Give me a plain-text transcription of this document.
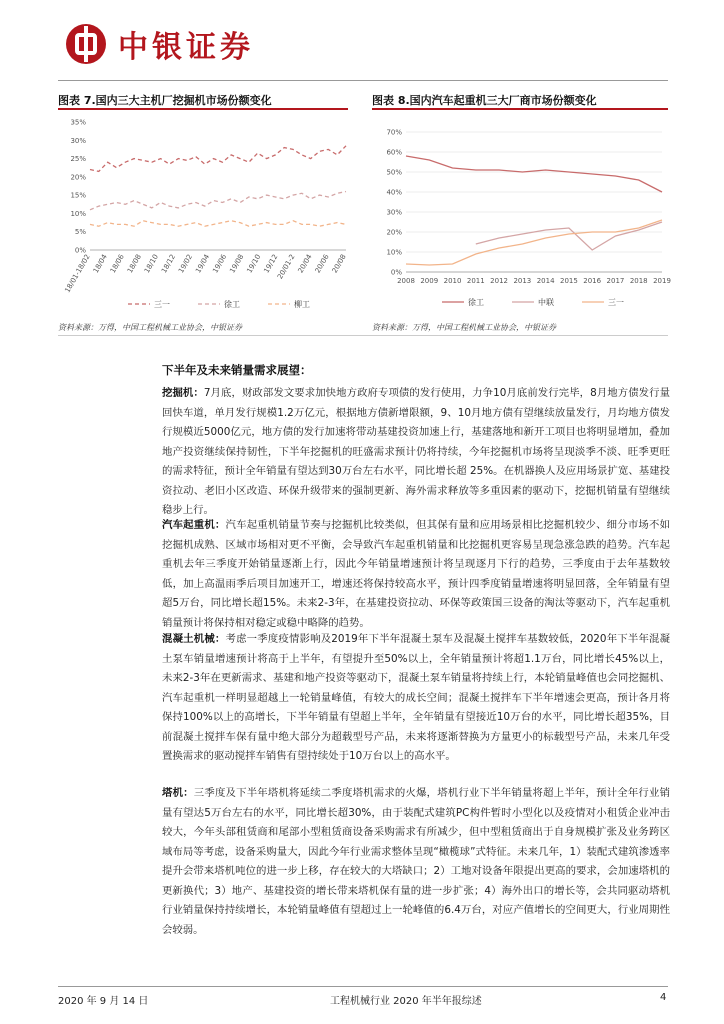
中银证券
图表 7.国内三大主机厂挖掘机市场份额变化	图表 8.国内汽车起重机三大厂商市场份额变化
0%
5%
10%
15%
20%
25%
30%
35%
18/01-18/02 18/04 18/06 18/08 18/10 18/12 19/02 19/04 19/06 19/08 19/10 19/12
20/01-2 20/04 20/06 20/08
三一	徐工	柳工
0%
10%
20%
30%
40%
50%
60%
70%
2008 2009 2010 2011 2012 2013 2014 2015 2016 2017 2018 2019
徐工	中联	三一
资料来源：万得，中国工程机械工业协会，中银证券	资料来源：万得，中国工程机械工业协会，中银证券
下半年及未来销量需求展望：

挖掘机：7月底，财政部发文要求加快地方政府专项债的发行使用，力争10月底前发行完毕，8月地方债发行量回快车道，单月发行规模1.2万亿元，根据地方债新增限额，9、10月地方债有望继续放量发行，月均地方债发行规模近5000亿元，地方债的发行加速将带动基建投资加速上行，基建落地和新开工项目也将明显增加，叠加地产投资继续保持韧性，下半年挖掘机的旺盛需求预计仍将持续，今年挖掘机市场将呈现淡季不淡、旺季更旺的需求特征，预计全年销量有望达到30万台左右水平，同比增长超 25%。在机器换人及应用场景扩宽、基建投资拉动、老旧小区改造、环保升级带来的强制更新、海外需求释放等多重因素的驱动下，挖掘机销量有望继续稳步上行。

汽车起重机：汽车起重机销量节奏与挖掘机比较类似，但其保有量和应用场景相比挖掘机较少、细分市场不如挖掘机成熟、区域市场相对更不平衡，会导致汽车起重机销量和比挖掘机更容易呈现急涨急跌的趋势。汽车起重机去年三季度开始销量逐渐上行，因此今年销量增速预计将呈现逐月下行的趋势，三季度由于去年基数较低，加上高温雨季后项目加速开工，增速还将保持较高水平，预计四季度销量增速将明显回落，全年销量有望超5万台，同比增长超15%。未来2-3年，在基建投资拉动、环保等政策国三设备的淘汰等驱动下，汽车起重机销量预计将保持相对稳定或稳中略降的趋势。

混凝土机械：考虑一季度疫情影响及2019年下半年混凝土泵车及混凝土搅拌车基数较低，2020年下半年混凝土泵车销量增速预计将高于上半年，有望提升至50%以上，全年销量预计将超1.1万台，同比增长45%以上，未来2-3年在更新需求、基建和地产投资等驱动下，混凝土泵车销量将持续上行，本轮销量峰值也会同挖掘机、汽车起重机一样明显超越上一轮销量峰值，有较大的成长空间；混凝土搅拌车下半年增速会更高，预计各月将保持100%以上的高增长，下半年销量有望超上半年，全年销量有望接近10万台的水平，同比增长超35%，目前混凝土搅拌车保有量中绝大部分为超载型号产品，未来将逐渐替换为方量更小的标载型号产品，未来几年受置换需求的驱动搅拌车销售有望持续处于10万台以上的高水平。

塔机：三季度及下半年塔机将延续二季度塔机需求的火爆，塔机行业下半年销量将超上半年，预计全年行业销量有望达5万台左右的水平，同比增长超30%，由于装配式建筑PC构件暂时小型化以及疫情对小租赁企业冲击较大，今年头部租赁商和尾部小型租赁商设备采购需求有所减少，但中型租赁商出于自身规模扩张及业务跨区域布局等考虑，设备采购量大，因此今年行业需求整体呈现“橄榄球”式特征。未来几年，1）装配式建筑渗透率提升会带来塔机吨位的进一步上移，存在较大的大塔缺口；2）工地对设备年限提出更高的要求，会加速塔机的更新换代；3）地产、基建投资的增长带来塔机保有量的进一步扩张；4）海外出口的增长等，会共同驱动塔机行业销量保持持续增长，本轮销量峰值有望超过上一轮峰值的6.4万台，对应产值增长的空间更大，行业周期性会较弱。

2020 年 9 月 14 日	工程机械行业 2020 年半年报综述	4
